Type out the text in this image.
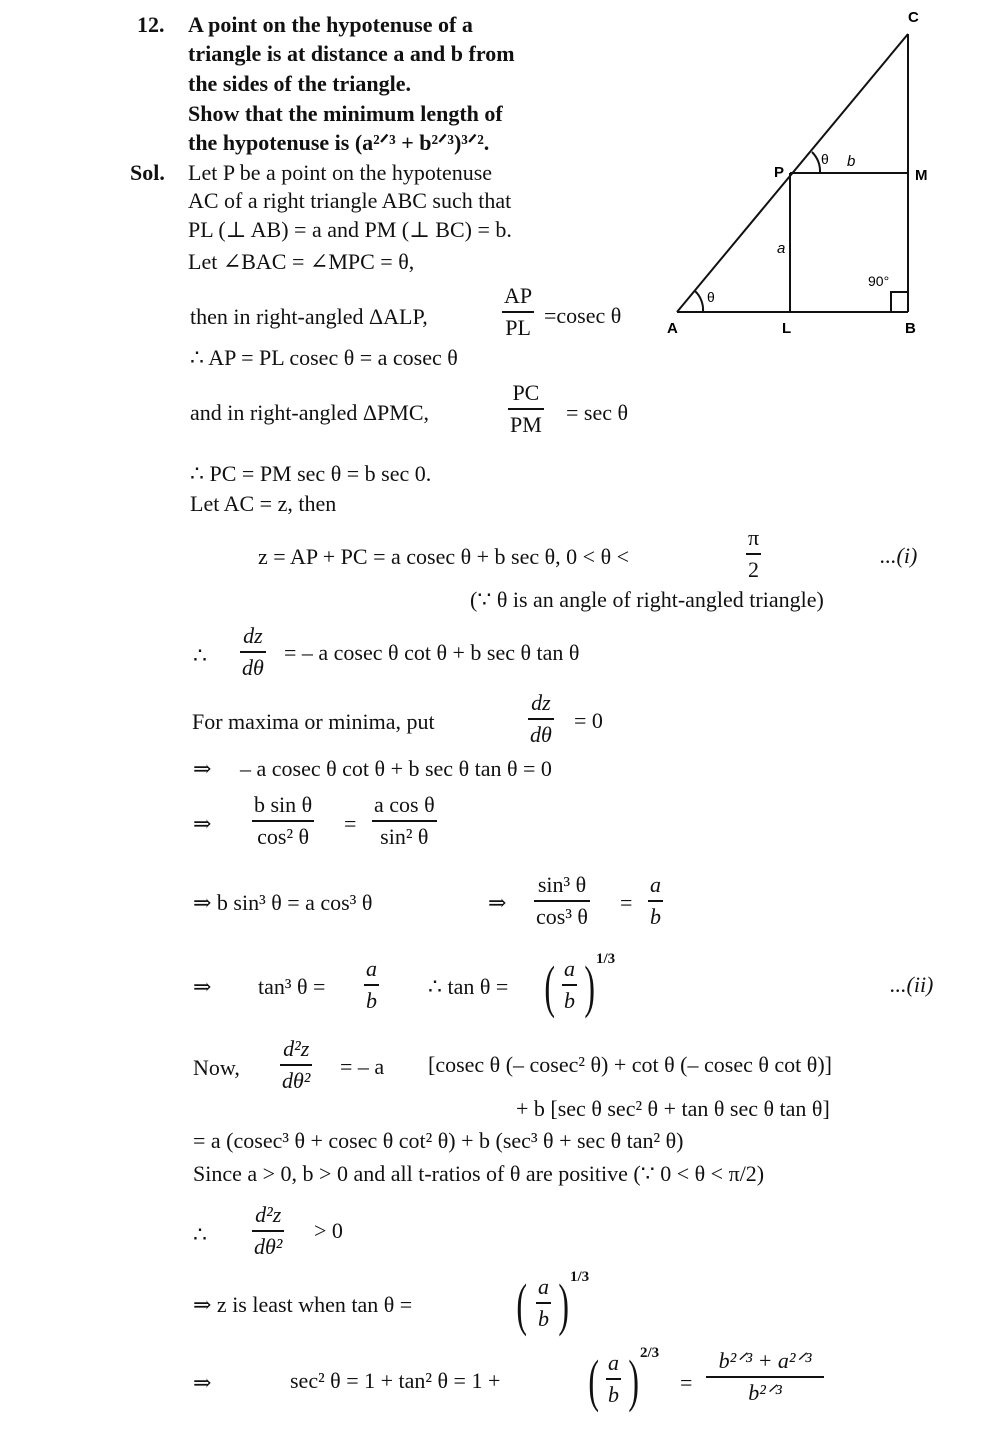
12. A point on the hypotenuse of a
triangle is at distance a and b from
the sides of the triangle.
Show that the minimum length of
the hypotenuse is (a²ᐟ³ + b²ᐟ³)³ᐟ².
Sol. Let P be a point on the hypotenuse
AC of a right triangle ABC such that
PL (⊥ AB) = a and PM (⊥ BC) = b.
Let ∠BAC = ∠MPC = θ,
then in right-angled ΔALP,
AP
PL =cosec θ
∴ AP = PL cosec θ = a cosec θ
and in right-angled ΔPMC,
PC
PM = sec θ
∴ PC = PM sec θ = b sec 0.
Let AC = z, then
z = AP + PC = a cosec θ + b sec θ, 0 < θ <
π
2
...(i)
(∵ θ is an angle of right-angled triangle)
∴
dz
dθ
= – a cosec θ cot θ + b sec θ tan θ
For maxima or minima, put
dz
dθ
= 0
⇒ – a cosec θ cot θ + b sec θ tan θ = 0
⇒
b sin θ
cos² θ
=
a cos θ
sin² θ
⇒ b sin³ θ = a cos³ θ	⇒
sin³ θ
cos³ θ
=
a
b
⇒ tan³ θ =
a
b
∴ tan θ = ( a
b ) 1/3
...(ii)
Now,
d²z
dθ²
= – a [cosec θ (– cosec² θ) + cot θ (– cosec θ cot θ)]
+ b [sec θ sec² θ + tan θ sec θ tan θ]
= a (cosec³ θ + cosec θ cot² θ) + b (sec³ θ + sec θ tan² θ)
Since a > 0, b > 0 and all t-ratios of θ are positive (∵ 0 < θ < π/2)
∴
d²z
dθ²
> 0
⇒ z is least when tan θ = ( a
b ) 1/3
⇒	sec² θ = 1 + tan² θ = 1 + ( a
b ) 2/3
=
b²ᐟ³ + a²ᐟ³
b²ᐟ³
A	B
C
P
L
M
θ
θ b
a
90°
